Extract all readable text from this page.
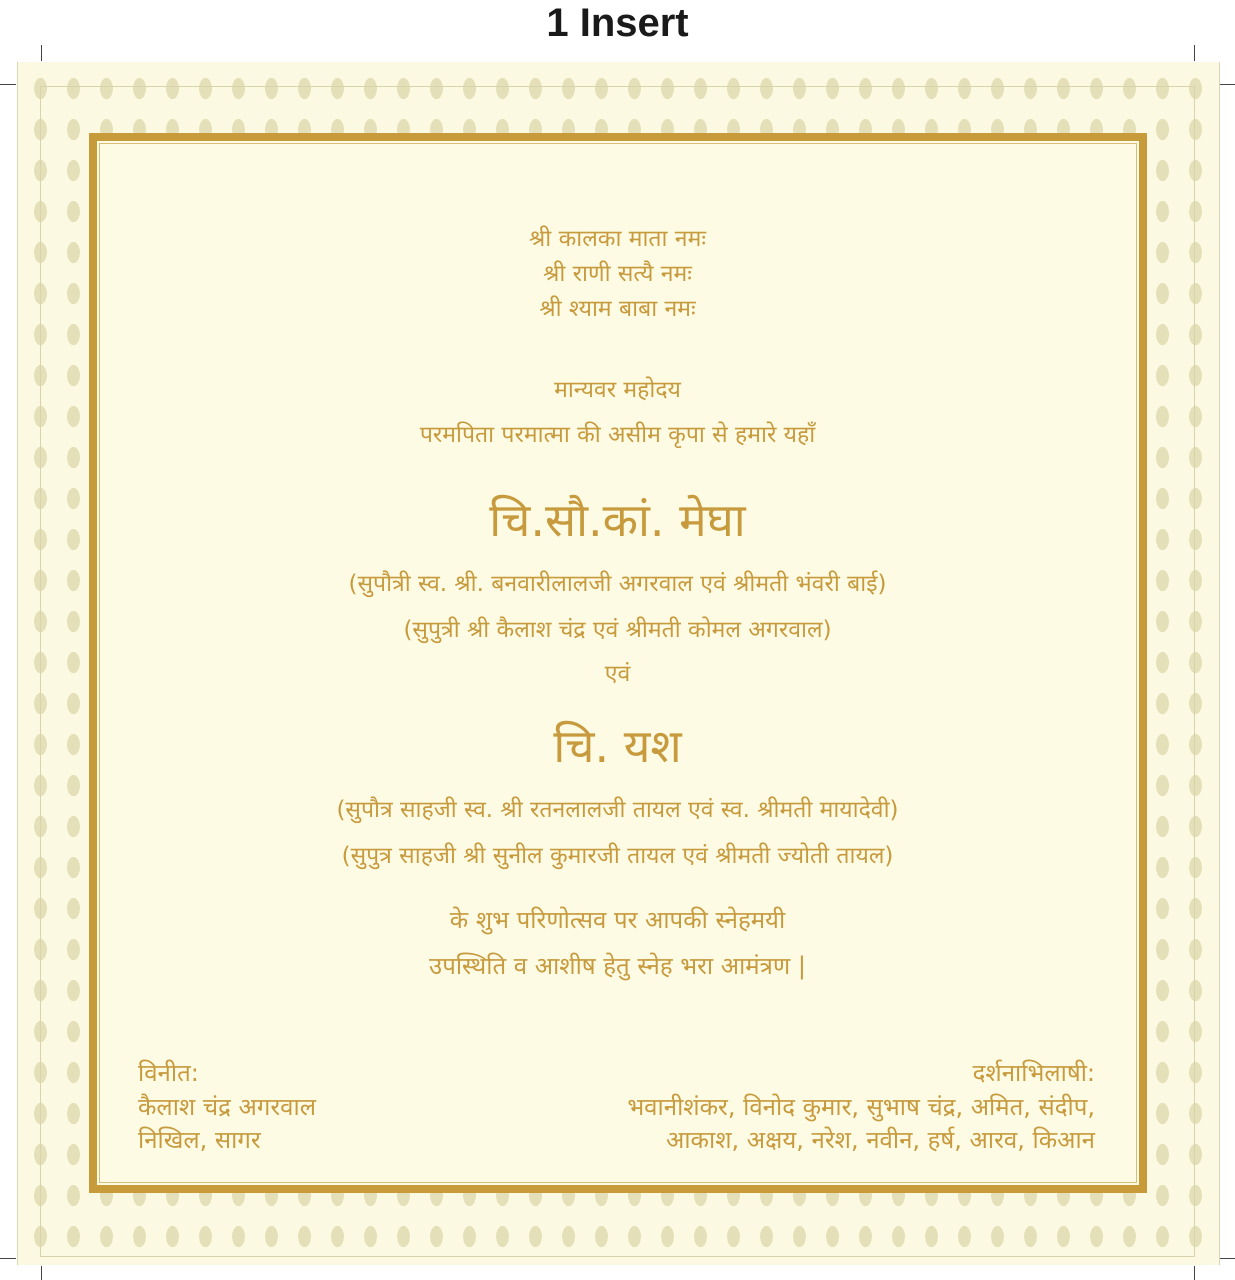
1 Insert
श्री कालका माता नमः
श्री राणी सत्यै नमः
श्री श्याम बाबा नमः
मान्यवर महोदय
परमपिता परमात्मा की असीम कृपा से हमारे यहाँ
चि.सौ.कां. मेघा
(सुपौत्री स्व. श्री. बनवारीलालजी अगरवाल एवं श्रीमती भंवरी बाई)
(सुपुत्री श्री कैलाश चंद्र एवं श्रीमती कोमल अगरवाल)
एवं
चि. यश
(सुपौत्र साहजी स्व. श्री रतनलालजी तायल एवं स्व. श्रीमती मायादेवी)
(सुपुत्र साहजी श्री सुनील कुमारजी तायल एवं श्रीमती ज्योती तायल)
के शुभ परिणोत्सव पर आपकी स्नेहमयी
उपस्थिति व आशीष हेतु स्नेह भरा आमंत्रण |
विनीत:
कैलाश चंद्र अगरवाल
निखिल, सागर
दर्शनाभिलाषी:
भवानीशंकर, विनोद कुमार, सुभाष चंद्र, अमित, संदीप,
आकाश, अक्षय, नरेश, नवीन, हर्ष, आरव, किआन
